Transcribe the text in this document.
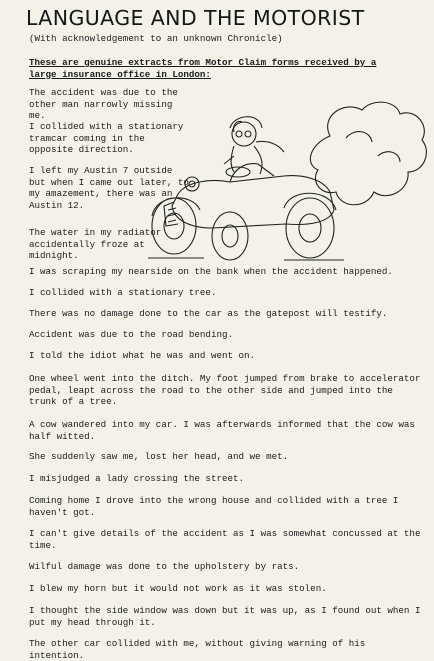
LANGUAGE AND THE MOTORIST
(With acknowledgement to an unknown Chronicle)
These are genuine extracts from Motor Claim forms received by a large insurance office in London:
The accident was due to the other man narrowly missing me.
I collided with a stationary tramcar coming in the opposite direction.
I left my Austin 7 outside but when I came out later, to my amazement, there was an Austin 12.
The water in my radiator accidentally froze at midnight.
I was scraping my nearside on the bank when the accident happened.
I collided with a stationary tree.
There was no damage done to the car as the gatepost will testify.
Accident was due to the road bending.
I told the idiot what he was and went on.
One wheel went into the ditch. My foot jumped from brake to accelerator pedal, leapt across the road to the other side and jumped into the trunk of a tree.
A cow wandered into my car. I was afterwards informed that the cow was half witted.
She suddenly saw me, lost her head, and we met.
I misjudged a lady crossing the street.
Coming home I drove into the wrong house and collided with a tree I haven't got.
I can't give details of the accident as I was somewhat concussed at the time.
Wilful damage was done to the upholstery by rats.
I blew my horn but it would not work as it was stolen.
I thought the side window was down but it was up, as I found out when I put my head through it.
The other car collided with me, without giving warning of his intention.
